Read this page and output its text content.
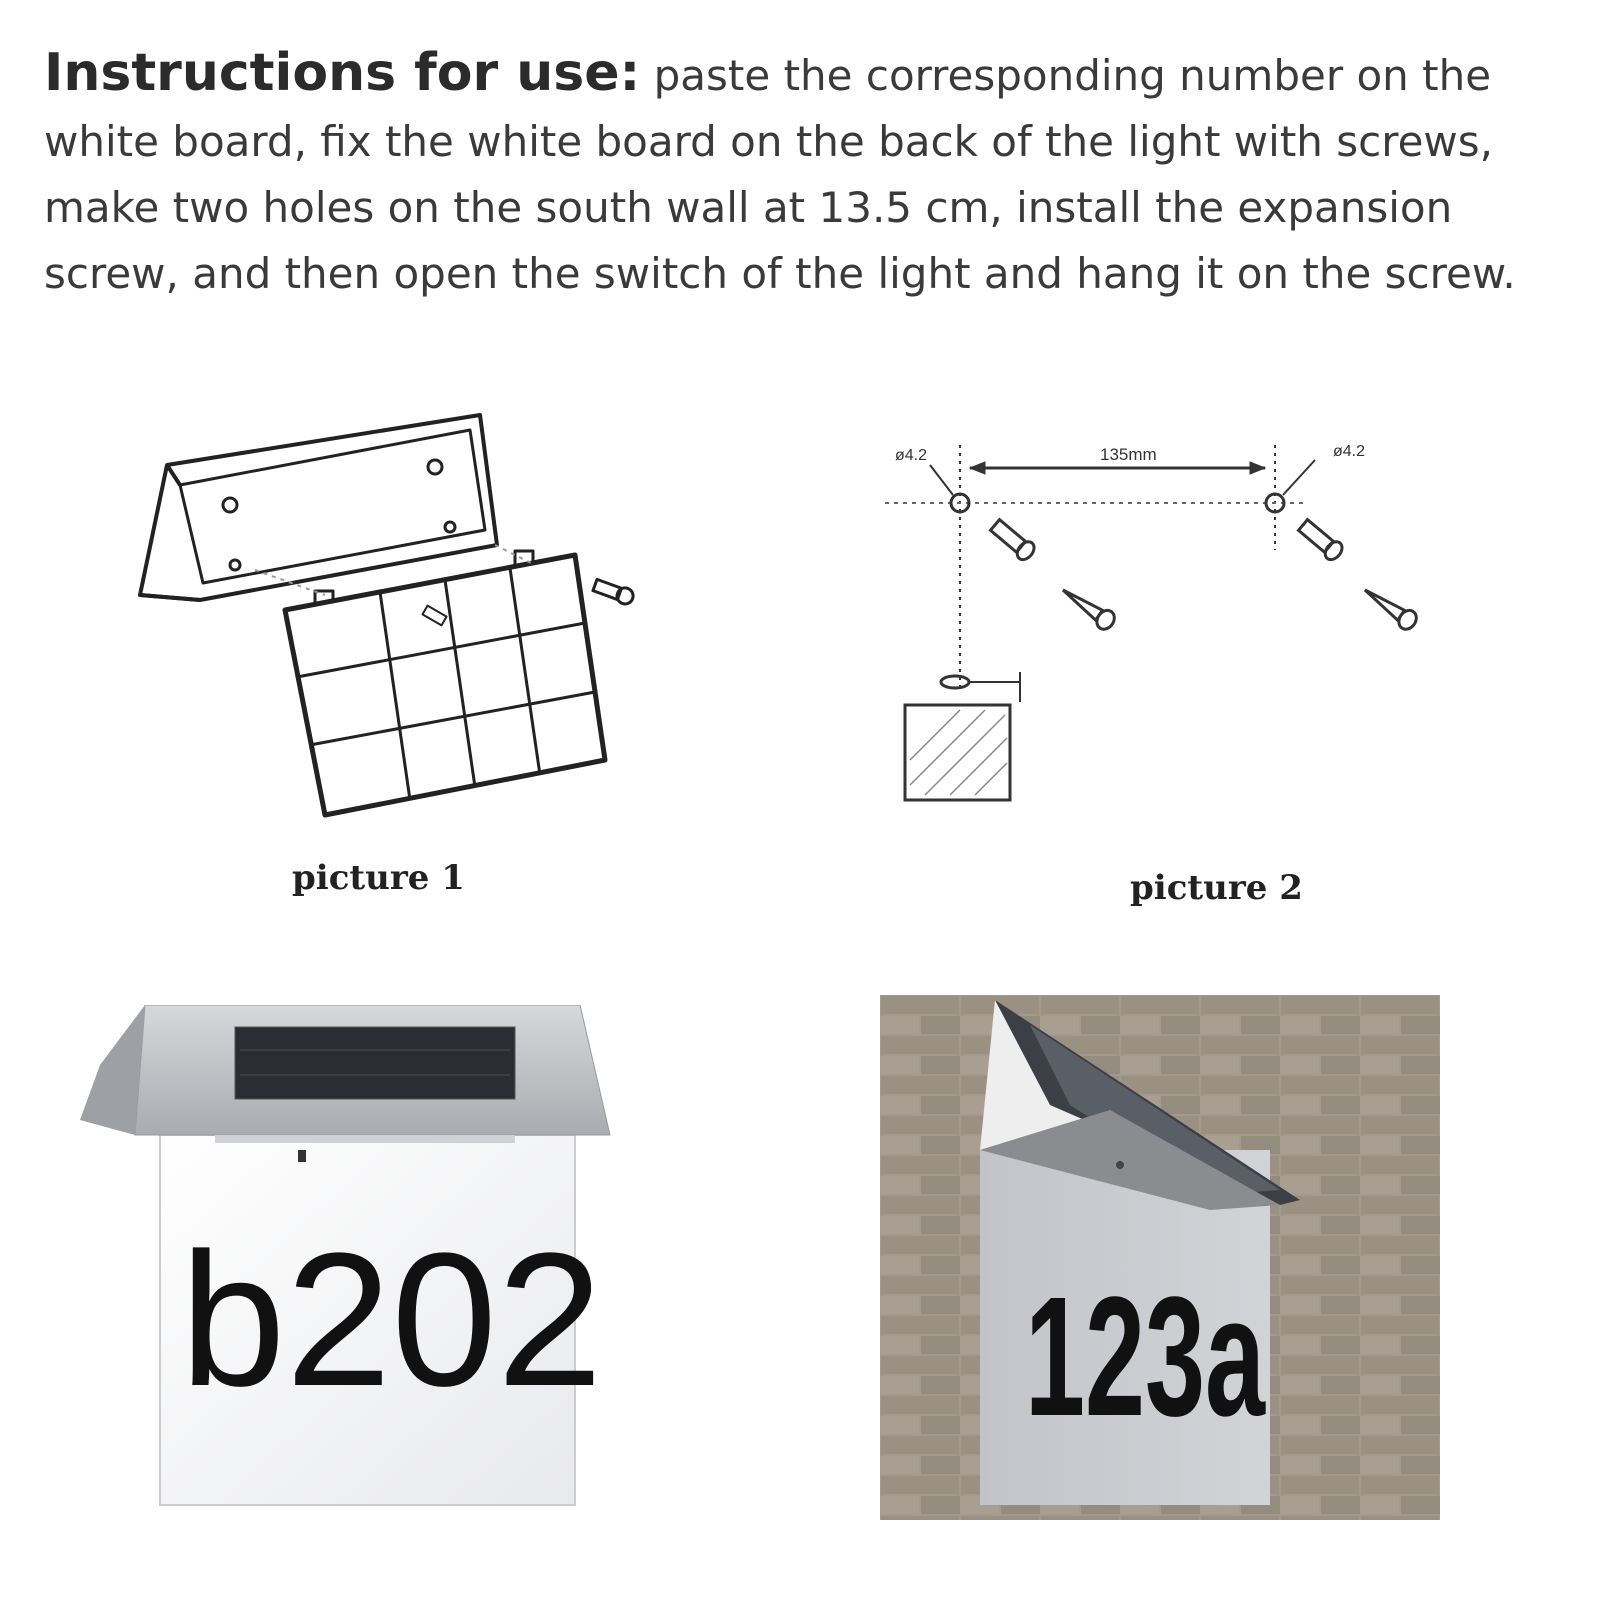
Instructions for use: paste the corresponding number on the white board, fix the white board on the back of the light with screws, make two holes on the south wall at 13.5 cm, install the expansion screw, and then open the switch of the light and hang it on the screw.
picture 1
ø4.2	135mm	ø4.2
picture 2
b202 123a
